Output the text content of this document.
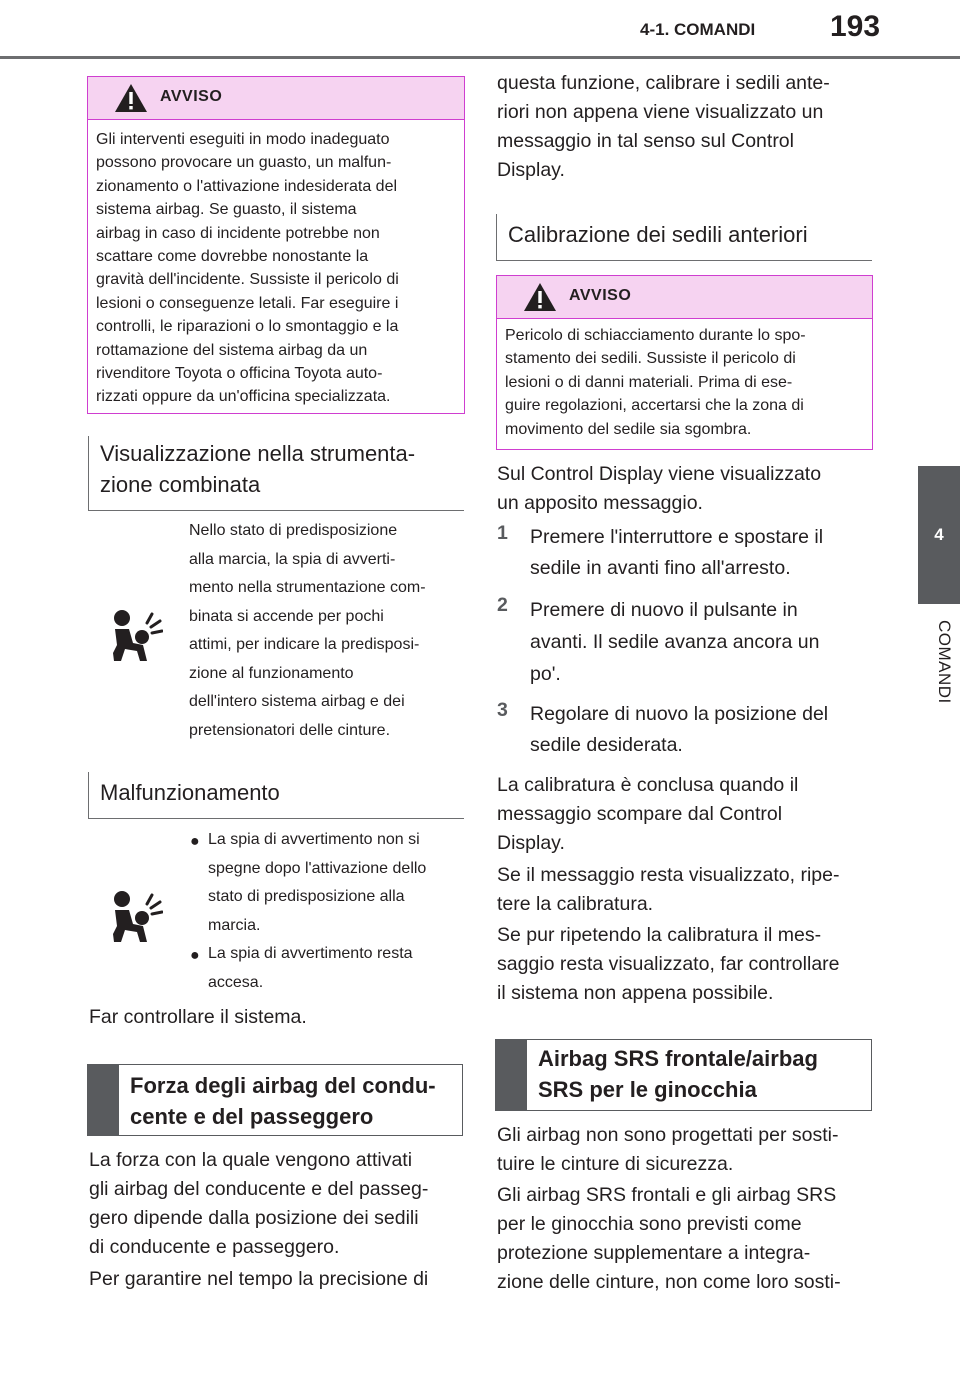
4-1. COMANDI 193
4
COMANDI
AVVISO
Gli interventi eseguiti in modo inadeguato
possono provocare un guasto, un malfun-
zionamento o l'attivazione indesiderata del
sistema airbag. Se guasto, il sistema
airbag in caso di incidente potrebbe non
scattare come dovrebbe nonostante la
gravità dell'incidente. Sussiste il pericolo di
lesioni o conseguenze letali. Far eseguire i
controlli, le riparazioni o lo smontaggio e la
rottamazione del sistema airbag da un
rivenditore Toyota o officina Toyota auto-
rizzati oppure da un'officina specializzata.
Visualizzazione nella strumenta-
zione combinata
Nello stato di predisposizione
alla marcia, la spia di avverti-
mento nella strumentazione com-
binata si accende per pochi
attimi, per indicare la predisposi-
zione al funzionamento
dell'intero sistema airbag e dei
pretensionatori delle cinture.
Malfunzionamento
● La spia di avvertimento non si
spegne dopo l'attivazione dello
stato di predisposizione alla
marcia.
● La spia di avvertimento resta
accesa.
Far controllare il sistema.
Forza degli airbag del condu-
cente e del passeggero
La forza con la quale vengono attivati
gli airbag del conducente e del passeg-
gero dipende dalla posizione dei sedili
di conducente e passeggero.
Per garantire nel tempo la precisione di
questa funzione, calibrare i sedili ante-
riori non appena viene visualizzato un
messaggio in tal senso sul Control
Display.
Calibrazione dei sedili anteriori
AVVISO
Pericolo di schiacciamento durante lo spo-
stamento dei sedili. Sussiste il pericolo di
lesioni o di danni materiali. Prima di ese-
guire regolazioni, accertarsi che la zona di
movimento del sedile sia sgombra.
Sul Control Display viene visualizzato
un apposito messaggio.
1 Premere l'interruttore e spostare il
sedile in avanti fino all'arresto.
2 Premere di nuovo il pulsante in
avanti. Il sedile avanza ancora un
po'.
3 Regolare di nuovo la posizione del
sedile desiderata.
La calibratura è conclusa quando il
messaggio scompare dal Control
Display.
Se il messaggio resta visualizzato, ripe-
tere la calibratura.
Se pur ripetendo la calibratura il mes-
saggio resta visualizzato, far controllare
il sistema non appena possibile.
Airbag SRS frontale/airbag
SRS per le ginocchia
Gli airbag non sono progettati per sosti-
tuire le cinture di sicurezza.
Gli airbag SRS frontali e gli airbag SRS
per le ginocchia sono previsti come
protezione supplementare a integra-
zione delle cinture, non come loro sosti-
